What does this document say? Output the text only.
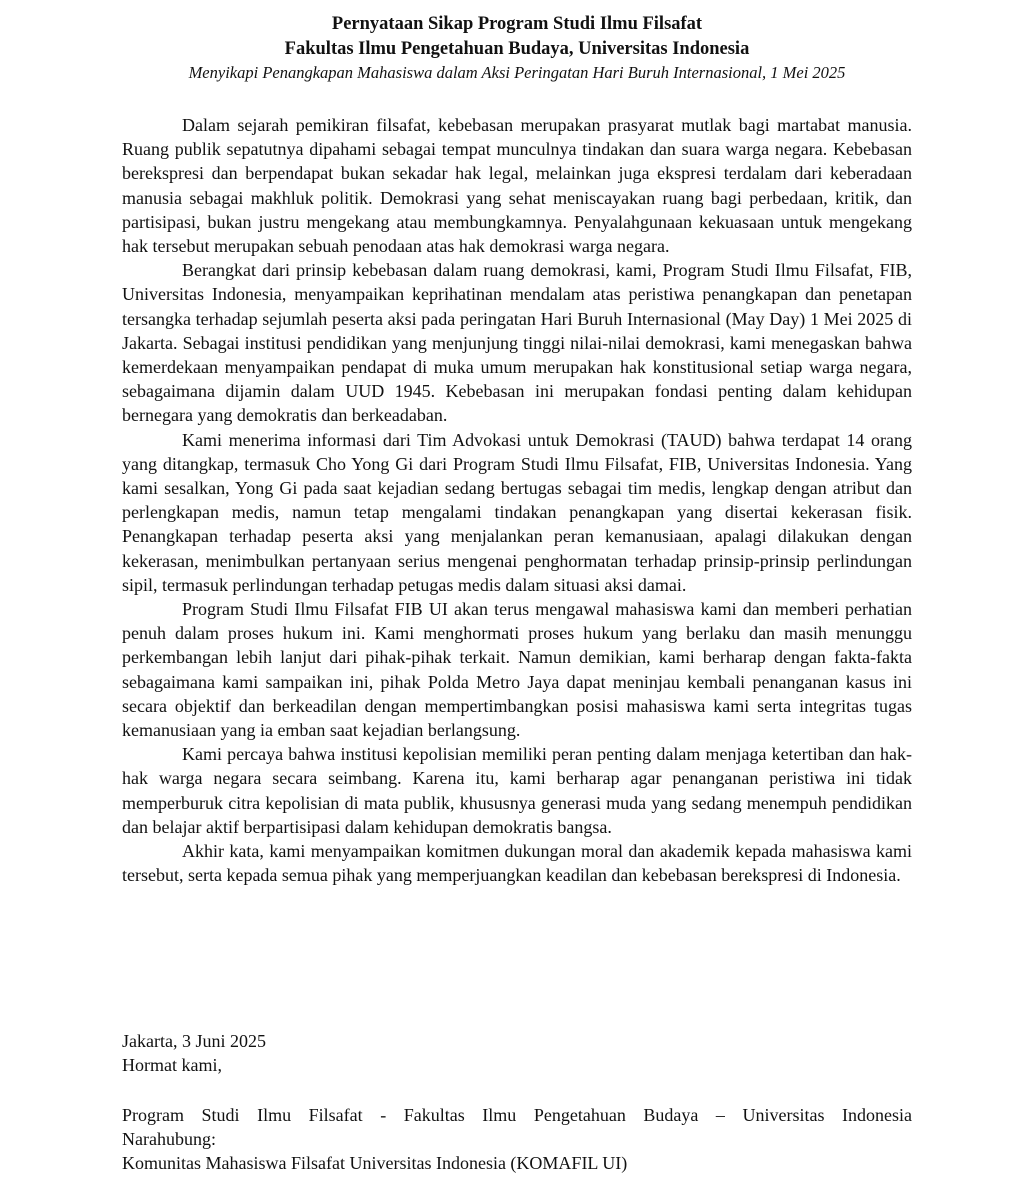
Pernyataan Sikap Program Studi Ilmu Filsafat
Fakultas Ilmu Pengetahuan Budaya, Universitas Indonesia
Menyikapi Penangkapan Mahasiswa dalam Aksi Peringatan Hari Buruh Internasional, 1 Mei 2025

Dalam sejarah pemikiran filsafat, kebebasan merupakan prasyarat mutlak bagi martabat manusia. Ruang publik sepatutnya dipahami sebagai tempat munculnya tindakan dan suara warga negara. Kebebasan berekspresi dan berpendapat bukan sekadar hak legal, melainkan juga ekspresi terdalam dari keberadaan manusia sebagai makhluk politik. Demokrasi yang sehat meniscayakan ruang bagi perbedaan, kritik, dan partisipasi, bukan justru mengekang atau membungkamnya. Penyalahgunaan kekuasaan untuk mengekang hak tersebut merupakan sebuah penodaan atas hak demokrasi warga negara.

Berangkat dari prinsip kebebasan dalam ruang demokrasi, kami, Program Studi Ilmu Filsafat, FIB, Universitas Indonesia, menyampaikan keprihatinan mendalam atas peristiwa penangkapan dan penetapan tersangka terhadap sejumlah peserta aksi pada peringatan Hari Buruh Internasional (May Day) 1 Mei 2025 di Jakarta. Sebagai institusi pendidikan yang menjunjung tinggi nilai-nilai demokrasi, kami menegaskan bahwa kemerdekaan menyampaikan pendapat di muka umum merupakan hak konstitusional setiap warga negara, sebagaimana dijamin dalam UUD 1945. Kebebasan ini merupakan fondasi penting dalam kehidupan bernegara yang demokratis dan berkeadaban.

Kami menerima informasi dari Tim Advokasi untuk Demokrasi (TAUD) bahwa terdapat 14 orang yang ditangkap, termasuk Cho Yong Gi dari Program Studi Ilmu Filsafat, FIB, Universitas Indonesia. Yang kami sesalkan, Yong Gi pada saat kejadian sedang bertugas sebagai tim medis, lengkap dengan atribut dan perlengkapan medis, namun tetap mengalami tindakan penangkapan yang disertai kekerasan fisik. Penangkapan terhadap peserta aksi yang menjalankan peran kemanusiaan, apalagi dilakukan dengan kekerasan, menimbulkan pertanyaan serius mengenai penghormatan terhadap prinsip-prinsip perlindungan sipil, termasuk perlindungan terhadap petugas medis dalam situasi aksi damai.

Program Studi Ilmu Filsafat FIB UI akan terus mengawal mahasiswa kami dan memberi perhatian penuh dalam proses hukum ini. Kami menghormati proses hukum yang berlaku dan masih menunggu perkembangan lebih lanjut dari pihak-pihak terkait. Namun demikian, kami berharap dengan fakta-fakta sebagaimana kami sampaikan ini, pihak Polda Metro Jaya dapat meninjau kembali penanganan kasus ini secara objektif dan berkeadilan dengan mempertimbangkan posisi mahasiswa kami serta integritas tugas kemanusiaan yang ia emban saat kejadian berlangsung.

Kami percaya bahwa institusi kepolisian memiliki peran penting dalam menjaga ketertiban dan hak-hak warga negara secara seimbang. Karena itu, kami berharap agar penanganan peristiwa ini tidak memperburuk citra kepolisian di mata publik, khususnya generasi muda yang sedang menempuh pendidikan dan belajar aktif berpartisipasi dalam kehidupan demokratis bangsa.

Akhir kata, kami menyampaikan komitmen dukungan moral dan akademik kepada mahasiswa kami tersebut, serta kepada semua pihak yang memperjuangkan keadilan dan kebebasan berekspresi di Indonesia.

Jakarta, 3 Juni 2025
Hormat kami,
Program Studi Ilmu Filsafat - Fakultas Ilmu Pengetahuan Budaya – Universitas Indonesia
Narahubung:
Komunitas Mahasiswa Filsafat Universitas Indonesia (KOMAFIL UI)
